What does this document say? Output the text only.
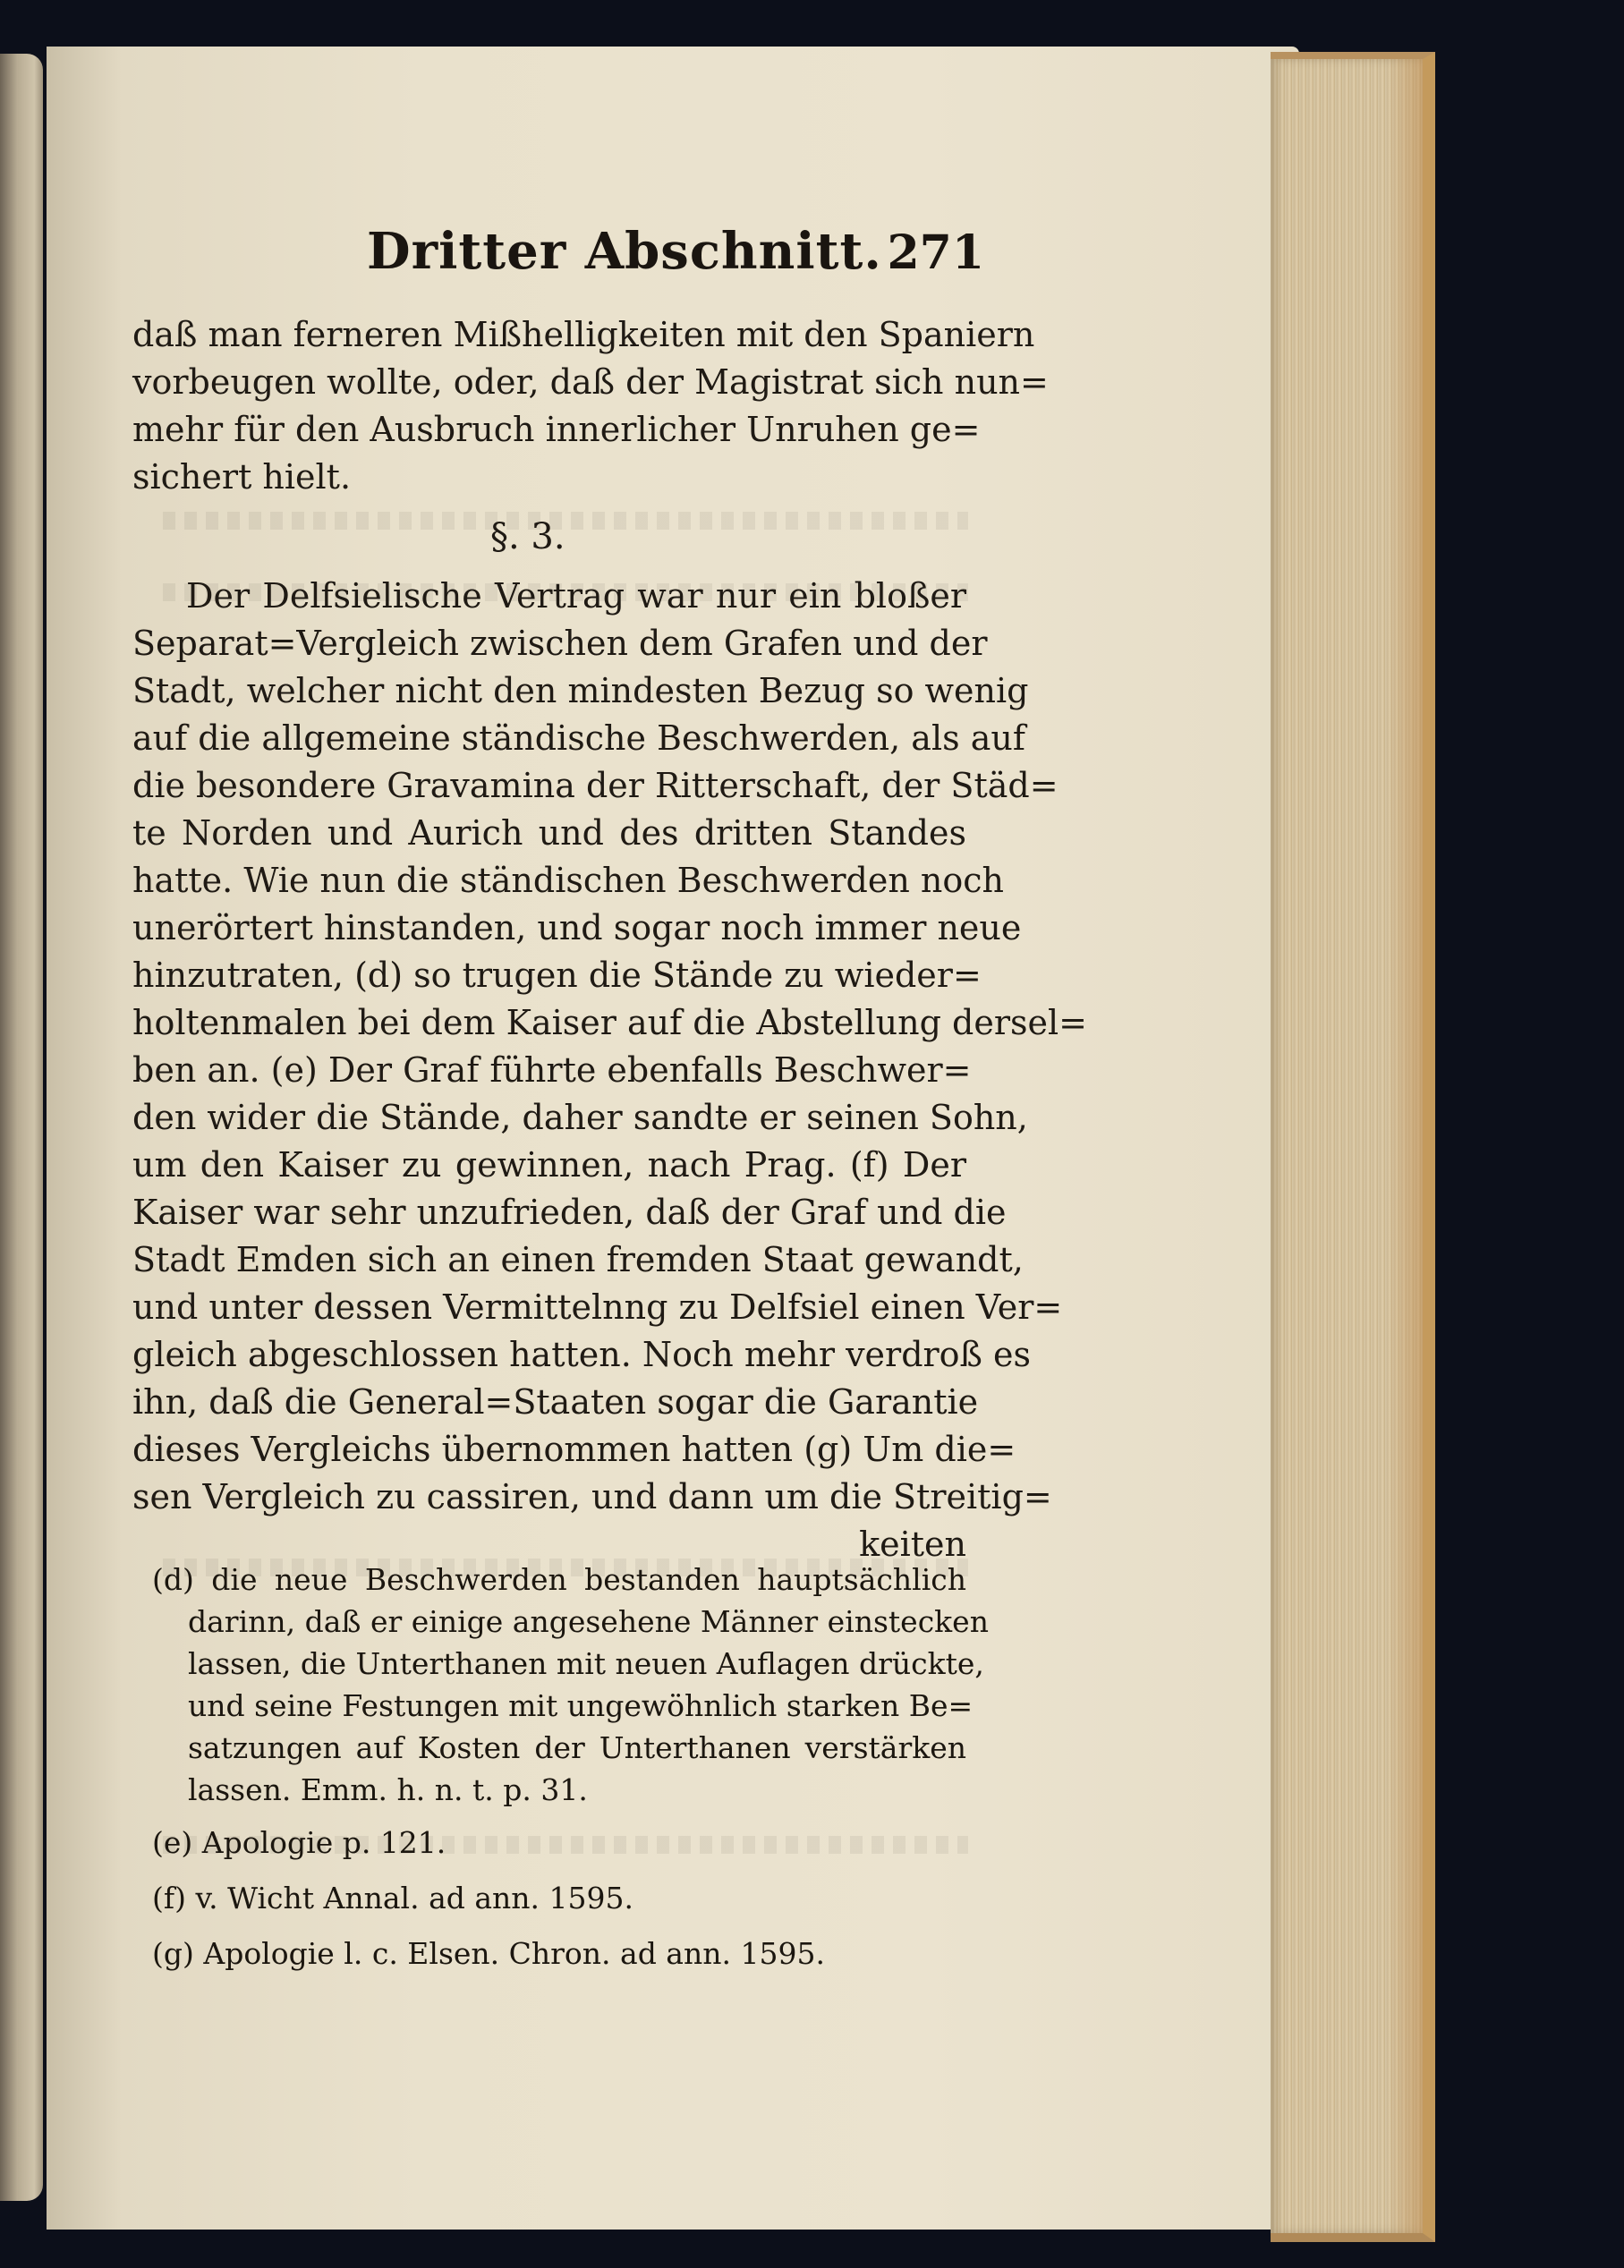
Dritter Abschnitt. 271
daß man ferneren Mißhelligkeiten mit den Spaniern
vorbeugen wollte, oder, daß der Magistrat sich nun=
mehr für den Ausbruch innerlicher Unruhen ge=
sichert hielt.
§. 3.
Der Delfsielische Vertrag war nur ein bloßer
Separat=Vergleich zwischen dem Grafen und der
Stadt, welcher nicht den mindesten Bezug so wenig
auf die allgemeine ständische Beschwerden, als auf
die besondere Gravamina der Ritterschaft, der Städ=
te Norden und Aurich und des dritten Standes
hatte. Wie nun die ständischen Beschwerden noch
unerörtert hinstanden, und sogar noch immer neue
hinzutraten, (d) so trugen die Stände zu wieder=
holtenmalen bei dem Kaiser auf die Abstellung dersel=
ben an. (e) Der Graf führte ebenfalls Beschwer=
den wider die Stände, daher sandte er seinen Sohn,
um den Kaiser zu gewinnen, nach Prag. (f) Der
Kaiser war sehr unzufrieden, daß der Graf und die
Stadt Emden sich an einen fremden Staat gewandt,
und unter dessen Vermittelnng zu Delfsiel einen Ver=
gleich abgeschlossen hatten. Noch mehr verdroß es
ihn, daß die General=Staaten sogar die Garantie
dieses Vergleichs übernommen hatten (g) Um die=
sen Vergleich zu cassiren, und dann um die Streitig=
keiten
(d) die neue Beschwerden bestanden hauptsächlich
darinn, daß er einige angesehene Männer einstecken
lassen, die Unterthanen mit neuen Auflagen drückte,
und seine Festungen mit ungewöhnlich starken Be=
satzungen auf Kosten der Unterthanen verstärken
lassen. Emm. h. n. t. p. 31.
(e) Apologie p. 121.
(f) v. Wicht Annal. ad ann. 1595.
(g) Apologie l. c. Elsen. Chron. ad ann. 1595.
